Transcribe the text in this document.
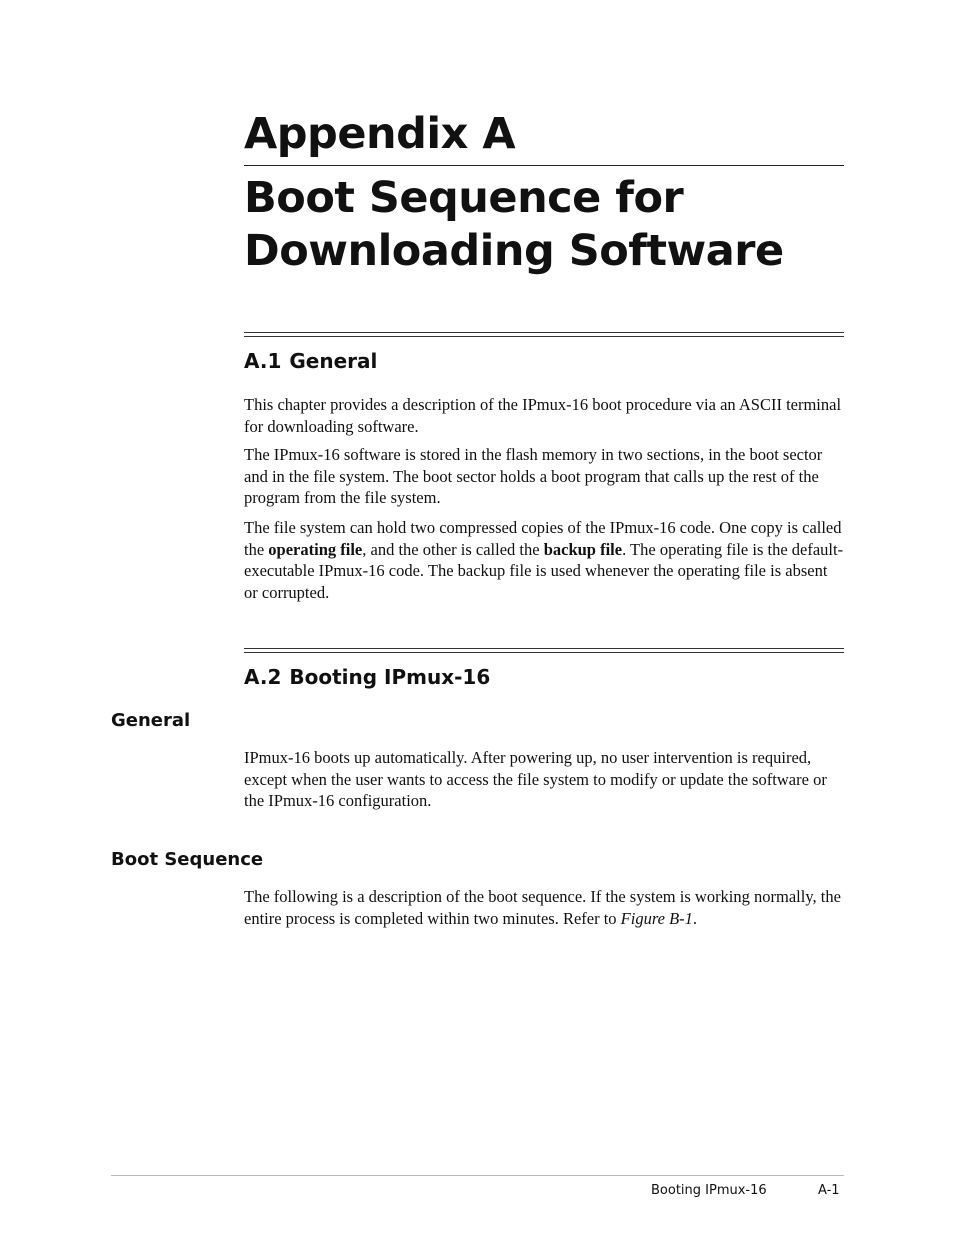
Appendix A
Boot Sequence for Downloading Software
A.1 General

This chapter provides a description of the IPmux-16 boot procedure via an ASCII terminal for downloading software.

The IPmux-16 software is stored in the flash memory in two sections, in the boot sector and in the file system. The boot sector holds a boot program that calls up the rest of the program from the file system.

The file system can hold two compressed copies of the IPmux-16 code. One copy is called the operating file, and the other is called the backup file. The operating file is the default-executable IPmux-16 code. The backup file is used whenever the operating file is absent or corrupted.

A.2 Booting IPmux-16
General

IPmux-16 boots up automatically. After powering up, no user intervention is required, except when the user wants to access the file system to modify or update the software or the IPmux-16 configuration.

Boot Sequence

The following is a description of the boot sequence. If the system is working normally, the entire process is completed within two minutes. Refer to Figure B-1.

Booting IPmux-16	A-1
